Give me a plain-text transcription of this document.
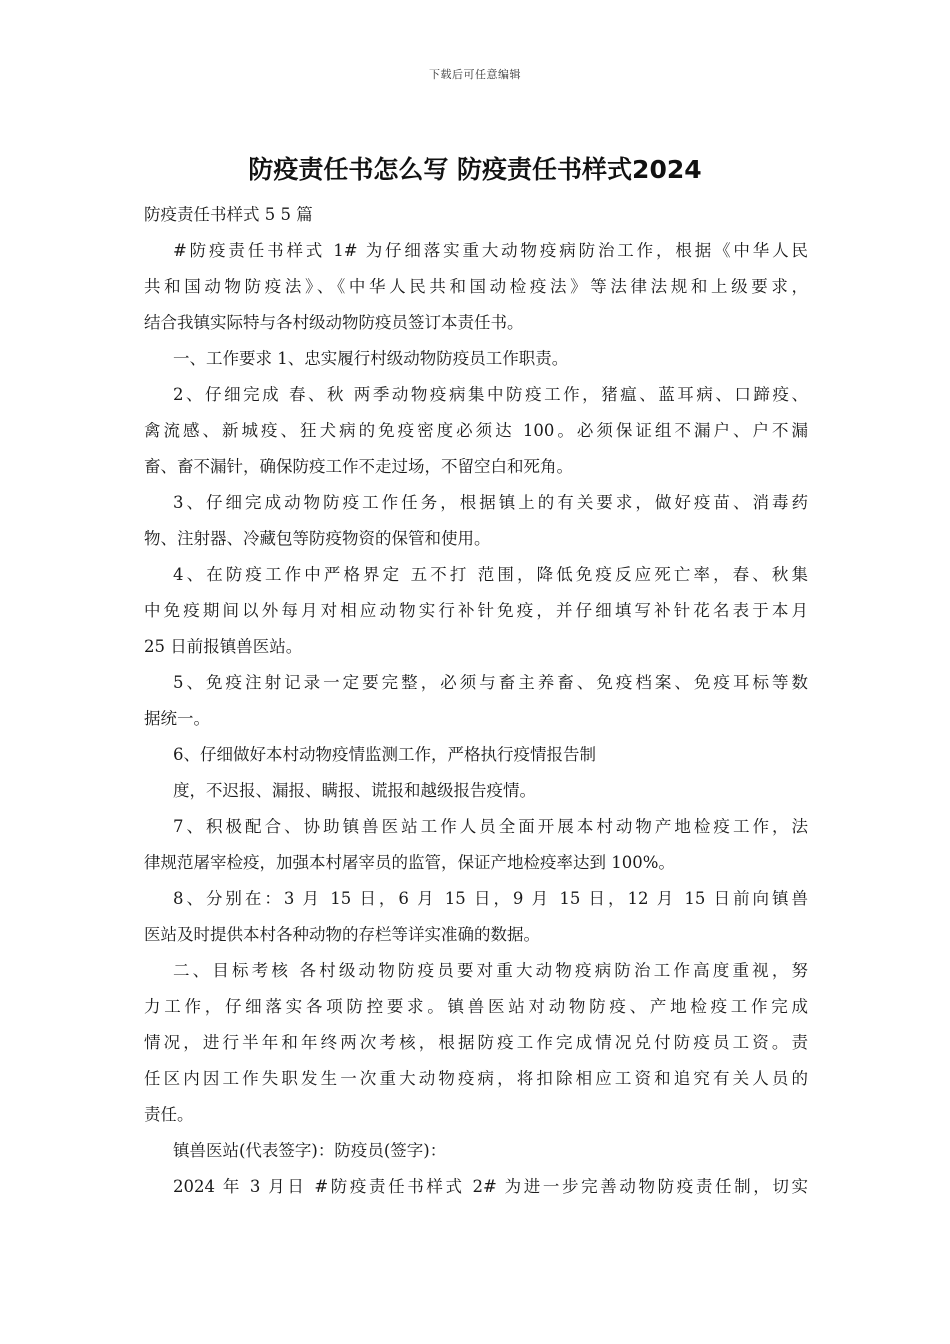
下载后可任意编辑
防疫责任书怎么写 防疫责任书样式2024
防疫责任书样式 5 5 篇
#防疫责任书样式 1# 为仔细落实重大动物疫病防治工作，根据《中华人民
共和国动物防疫法》、《中华人民共和国动检疫法》等法律法规和上级要求，
结合我镇实际特与各村级动物防疫员签订本责任书。
一、工作要求 1、忠实履行村级动物防疫员工作职责。
2、仔细完成 春、秋 两季动物疫病集中防疫工作，猪瘟、蓝耳病、口蹄疫、
禽流感、新城疫、狂犬病的免疫密度必须达 100。必须保证组不漏户、户不漏
畜、畜不漏针，确保防疫工作不走过场，不留空白和死角。
3、仔细完成动物防疫工作任务，根据镇上的有关要求，做好疫苗、消毒药
物、注射器、冷藏包等防疫物资的保管和使用。
4、在防疫工作中严格界定 五不打 范围，降低免疫反应死亡率，春、秋集
中免疫期间以外每月对相应动物实行补针免疫，并仔细填写补针花名表于本月
25 日前报镇兽医站。
5、免疫注射记录一定要完整，必须与畜主养畜、免疫档案、免疫耳标等数
据统一。
6、仔细做好本村动物疫情监测工作，严格执行疫情报告制
度，不迟报、漏报、瞒报、谎报和越级报告疫情。
7、积极配合、协助镇兽医站工作人员全面开展本村动物产地检疫工作，法
律规范屠宰检疫，加强本村屠宰员的监管，保证产地检疫率达到 100%。
8、分别在：3 月 15 日，6 月 15 日，9 月 15 日，12 月 15 日前向镇兽
医站及时提供本村各种动物的存栏等详实准确的数据。
二、目标考核 各村级动物防疫员要对重大动物疫病防治工作高度重视，努
力工作，仔细落实各项防控要求。镇兽医站对动物防疫、产地检疫工作完成
情况，进行半年和年终两次考核，根据防疫工作完成情况兑付防疫员工资。责
任区内因工作失职发生一次重大动物疫病，将扣除相应工资和追究有关人员的
责任。
镇兽医站(代表签字)：防疫员(签字)：
2024 年 3 月日 #防疫责任书样式 2# 为进一步完善动物防疫责任制，切实
